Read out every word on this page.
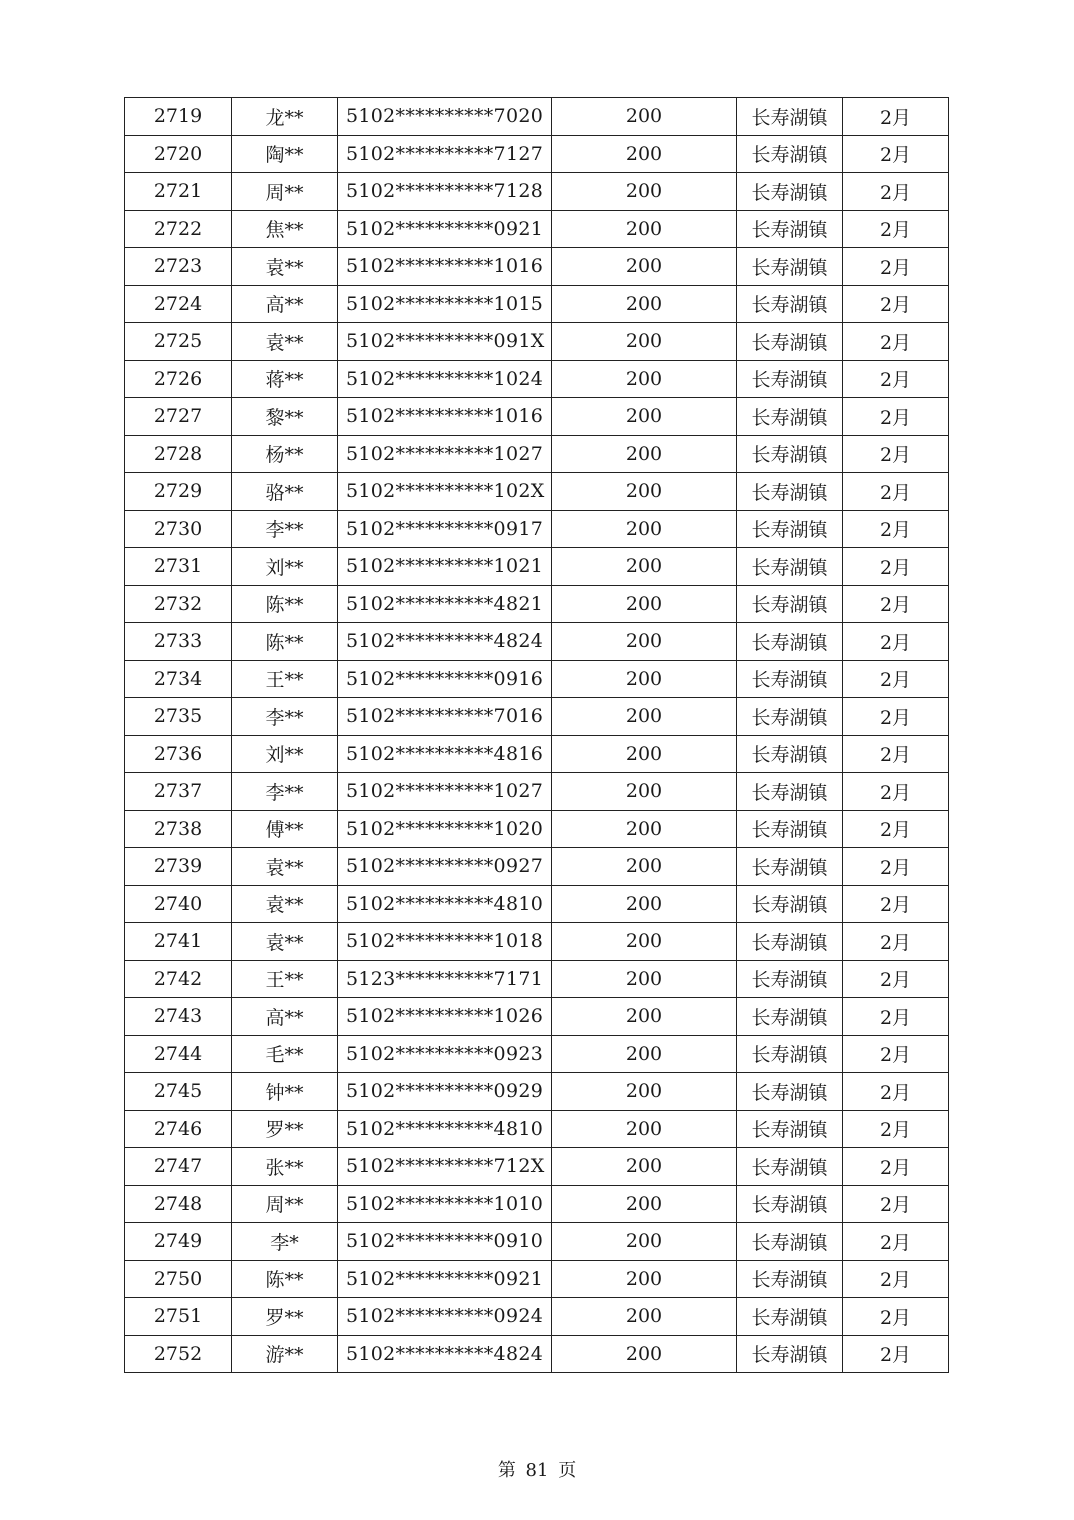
2719	龙**	5102**********7020	200	长寿湖镇	2月
2720	陶**	5102**********7127	200	长寿湖镇	2月
2721	周**	5102**********7128	200	长寿湖镇	2月
2722	焦**	5102**********0921	200	长寿湖镇	2月
2723	袁**	5102**********1016	200	长寿湖镇	2月
2724	高**	5102**********1015	200	长寿湖镇	2月
2725	袁**	5102**********091X	200	长寿湖镇	2月
2726	蒋**	5102**********1024	200	长寿湖镇	2月
2727	黎**	5102**********1016	200	长寿湖镇	2月
2728	杨**	5102**********1027	200	长寿湖镇	2月
2729	骆**	5102**********102X	200	长寿湖镇	2月
2730	李**	5102**********0917	200	长寿湖镇	2月
2731	刘**	5102**********1021	200	长寿湖镇	2月
2732	陈**	5102**********4821	200	长寿湖镇	2月
2733	陈**	5102**********4824	200	长寿湖镇	2月
2734	王**	5102**********0916	200	长寿湖镇	2月
2735	李**	5102**********7016	200	长寿湖镇	2月
2736	刘**	5102**********4816	200	长寿湖镇	2月
2737	李**	5102**********1027	200	长寿湖镇	2月
2738	傅**	5102**********1020	200	长寿湖镇	2月
2739	袁**	5102**********0927	200	长寿湖镇	2月
2740	袁**	5102**********4810	200	长寿湖镇	2月
2741	袁**	5102**********1018	200	长寿湖镇	2月
2742	王**	5123**********7171	200	长寿湖镇	2月
2743	高**	5102**********1026	200	长寿湖镇	2月
2744	毛**	5102**********0923	200	长寿湖镇	2月
2745	钟**	5102**********0929	200	长寿湖镇	2月
2746	罗**	5102**********4810	200	长寿湖镇	2月
2747	张**	5102**********712X	200	长寿湖镇	2月
2748	周**	5102**********1010	200	长寿湖镇	2月
2749	李*	5102**********0910	200	长寿湖镇	2月
2750	陈**	5102**********0921	200	长寿湖镇	2月
2751	罗**	5102**********0924	200	长寿湖镇	2月
2752	游**	5102**********4824	200	长寿湖镇	2月
第 81 页
